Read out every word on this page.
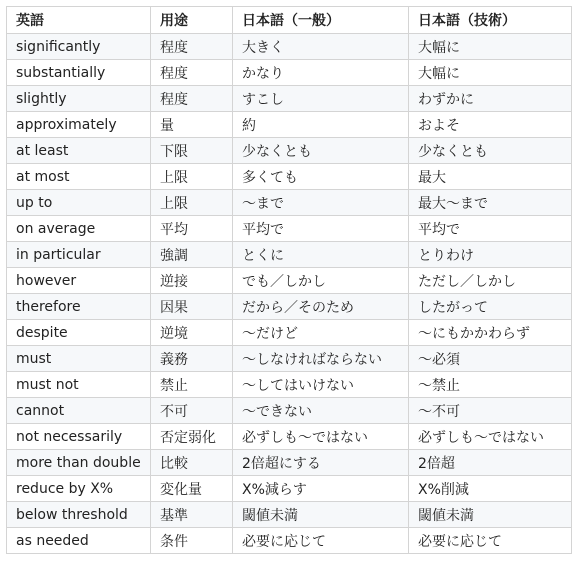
英語	用途	日本語（一般）	日本語（技術）
significantly	程度	大きく	大幅に
substantially	程度	かなり	大幅に
slightly	程度	すこし	わずかに
approximately	量	約	およそ
at least	下限	少なくとも	少なくとも
at most	上限	多くても	最大
up to	上限	〜まで	最大〜まで
on average	平均	平均で	平均で
in particular	強調	とくに	とりわけ
however	逆接	でも／しかし	ただし／しかし
therefore	因果	だから／そのため	したがって
despite	逆境	〜だけど	〜にもかかわらず
must	義務	〜しなければならない	〜必須
must not	禁止	〜してはいけない	〜禁止
cannot	不可	〜できない	〜不可
not necessarily	否定弱化	必ずしも〜ではない	必ずしも〜ではない
more than double	比較	2倍超にする	2倍超
reduce by X%	変化量	X%減らす	X%削減
below threshold	基準	閾値未満	閾値未満
as needed	条件	必要に応じて	必要に応じて
